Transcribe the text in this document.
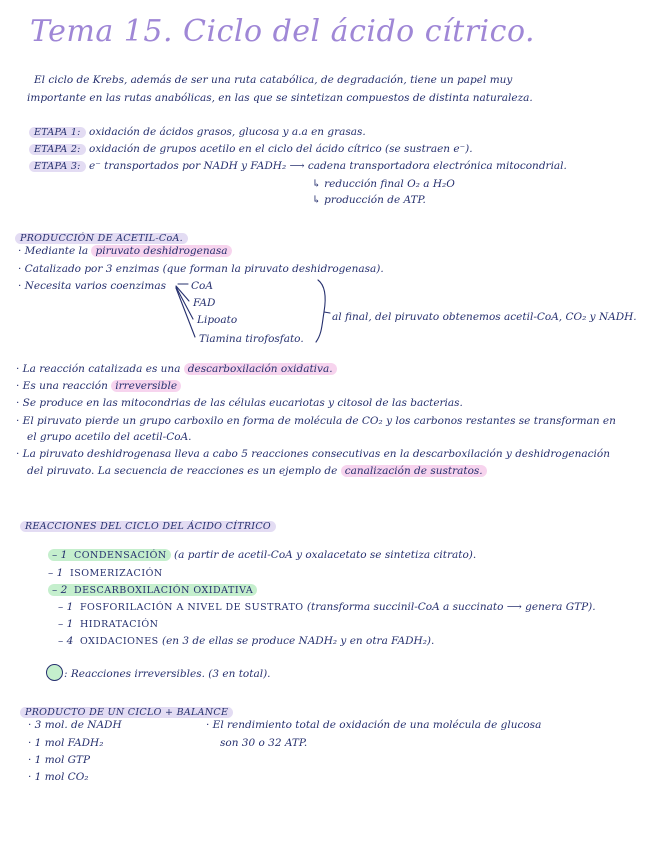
Tema 15. Ciclo del ácido cítrico.
El ciclo de Krebs, además de ser una ruta catabólica, de degradación, tiene un papel muy
importante en las rutas anabólicas, en las que se sintetizan compuestos de distinta naturaleza.
ETAPA 1: oxidación de ácidos grasos, glucosa y a.a en grasas.
ETAPA 2: oxidación de grupos acetilo en el ciclo del ácido cítrico (se sustraen e⁻).
ETAPA 3: e⁻ transportados por NADH y FADH₂ ⟶ cadena transportadora electrónica mitocondrial.
↳ reducción final O₂ a H₂O
↳ producción de ATP.
PRODUCCIÓN DE ACETIL-CoA.
· Mediante la piruvato deshidrogenasa
· Catalizado por 3 enzimas (que forman la piruvato deshidrogenasa).
· Necesita varios coenzimas CoA
FAD
Lipoato
Tiamina tirofosfato.
al final, del piruvato obtenemos acetil-CoA, CO₂ y NADH.
· La reacción catalizada es una descarboxilación oxidativa.
· Es una reacción irreversible
· Se produce en las mitocondrias de las células eucariotas y citosol de las bacterias.
· El piruvato pierde un grupo carboxilo en forma de molécula de CO₂ y los carbonos restantes se transforman en
el grupo acetilo del acetil-CoA.
· La piruvato deshidrogenasa lleva a cabo 5 reacciones consecutivas en la descarboxilación y deshidrogenación
del piruvato. La secuencia de reacciones es un ejemplo de canalización de sustratos.
REACCIONES DEL CICLO DEL ÁCIDO CÍTRICO
– 1 CONDENSACIÓN (a partir de acetil-CoA y oxalacetato se sintetiza citrato).
– 1 ISOMERIZACIÓN
– 2 DESCARBOXILACIÓN OXIDATIVA
– 1 FOSFORILACIÓN A NIVEL DE SUSTRATO (transforma succinil-CoA a succinato ⟶ genera GTP).
– 1 HIDRATACIÓN
– 4 OXIDACIONES (en 3 de ellas se produce NADH₂ y en otra FADH₂).
: Reacciones irreversibles. (3 en total).
PRODUCTO DE UN CICLO + BALANCE
· 3 mol. de NADH
· 1 mol FADH₂
· 1 mol GTP
· 1 mol CO₂
· El rendimiento total de oxidación de una molécula de glucosa
son 30 o 32 ATP.
